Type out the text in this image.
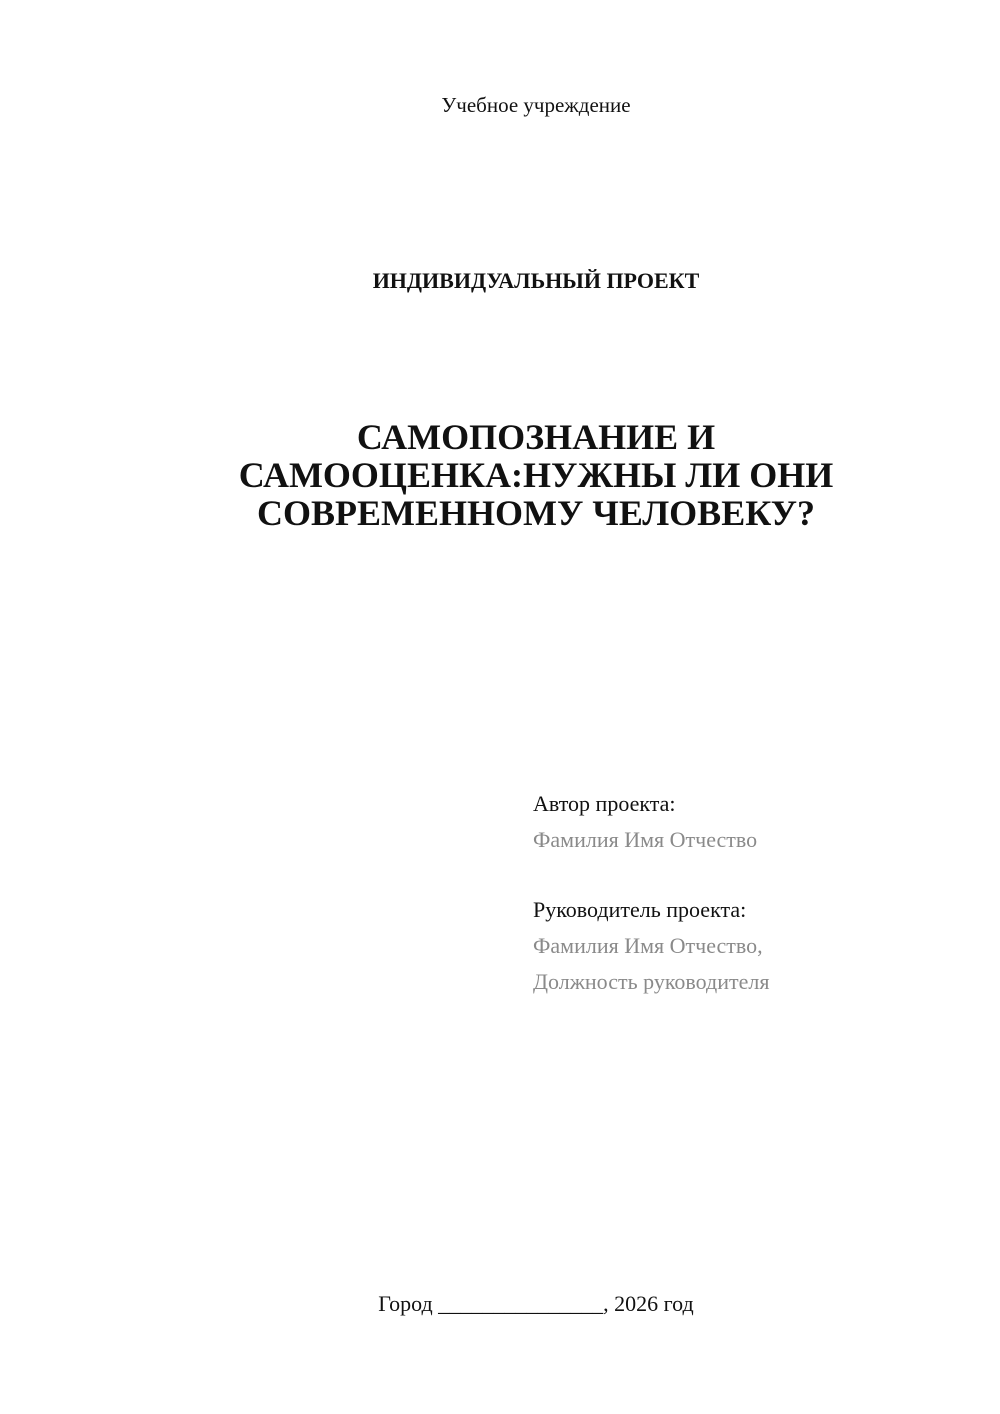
Учебное учреждение
ИНДИВИДУАЛЬНЫЙ ПРОЕКТ
САМОПОЗНАНИЕ И
САМООЦЕНКА:НУЖНЫ ЛИ ОНИ
СОВРЕМЕННОМУ ЧЕЛОВЕКУ?
Автор проекта:
Фамилия Имя Отчество
Руководитель проекта:
Фамилия Имя Отчество,
Должность руководителя
Город _______________, 2026 год
